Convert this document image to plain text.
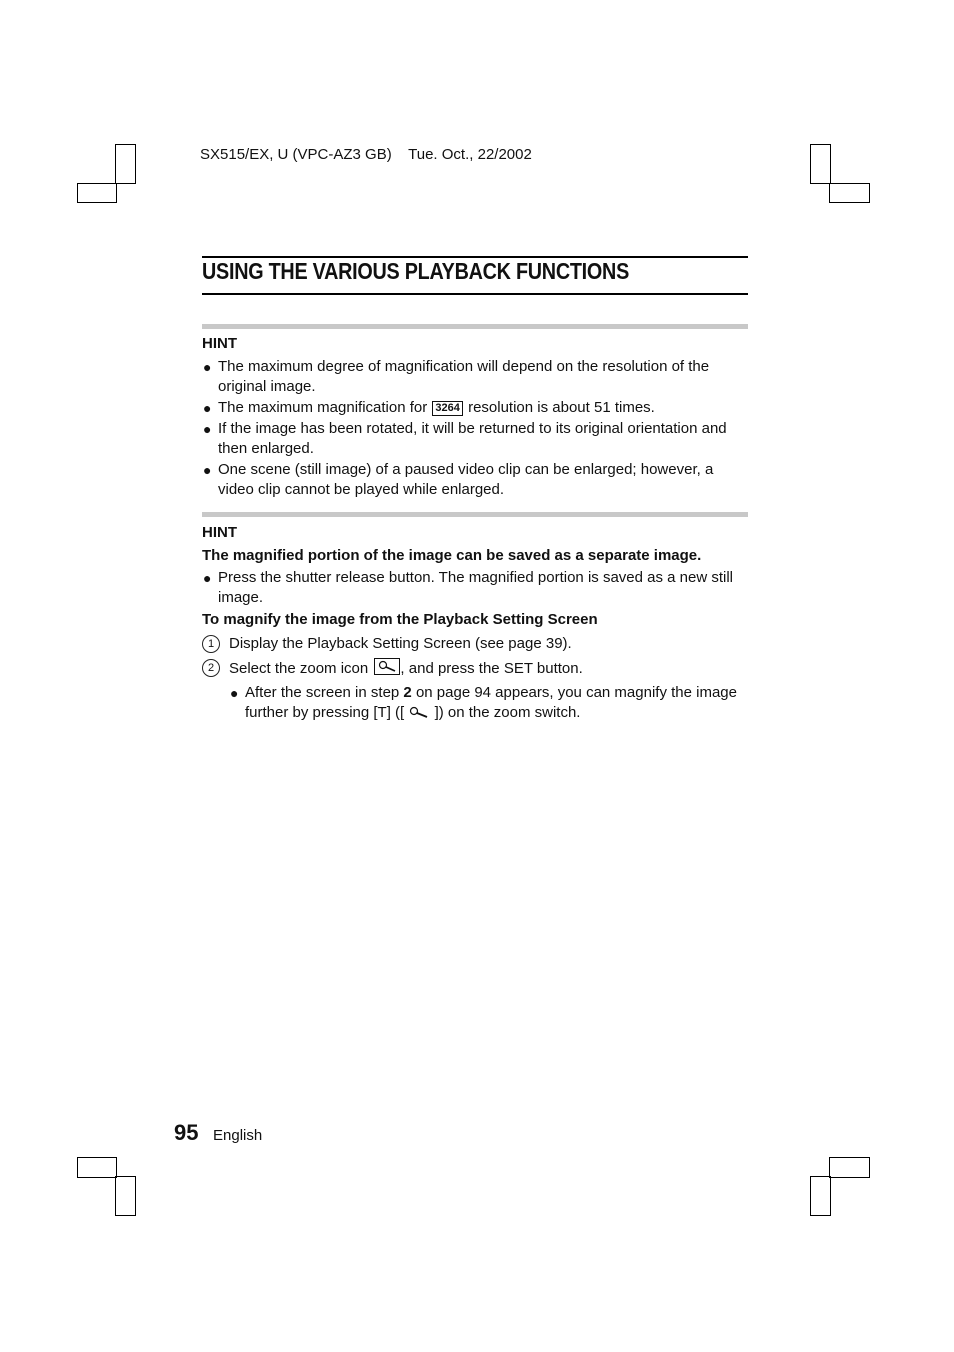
SX515/EX, U (VPC-AZ3 GB) Tue. Oct., 22/2002
USING THE VARIOUS PLAYBACK FUNCTIONS
HINT
● The maximum degree of magnification will depend on the resolution of the original image.
● The maximum magnification for 3264 resolution is about 51 times.
● If the image has been rotated, it will be returned to its original orientation and then enlarged.
● One scene (still image) of a paused video clip can be enlarged; however, a video clip cannot be played while enlarged.
HINT
The magnified portion of the image can be saved as a separate image.
● Press the shutter release button. The magnified portion is saved as a new still image.
To magnify the image from the Playback Setting Screen
1 Display the Playback Setting Screen (see page 39).
2 Select the zoom icon , and press the SET button.
● After the screen in step 2 on page 94 appears, you can magnify the image further by pressing [T] ([ ]) on the zoom switch.
95 English
